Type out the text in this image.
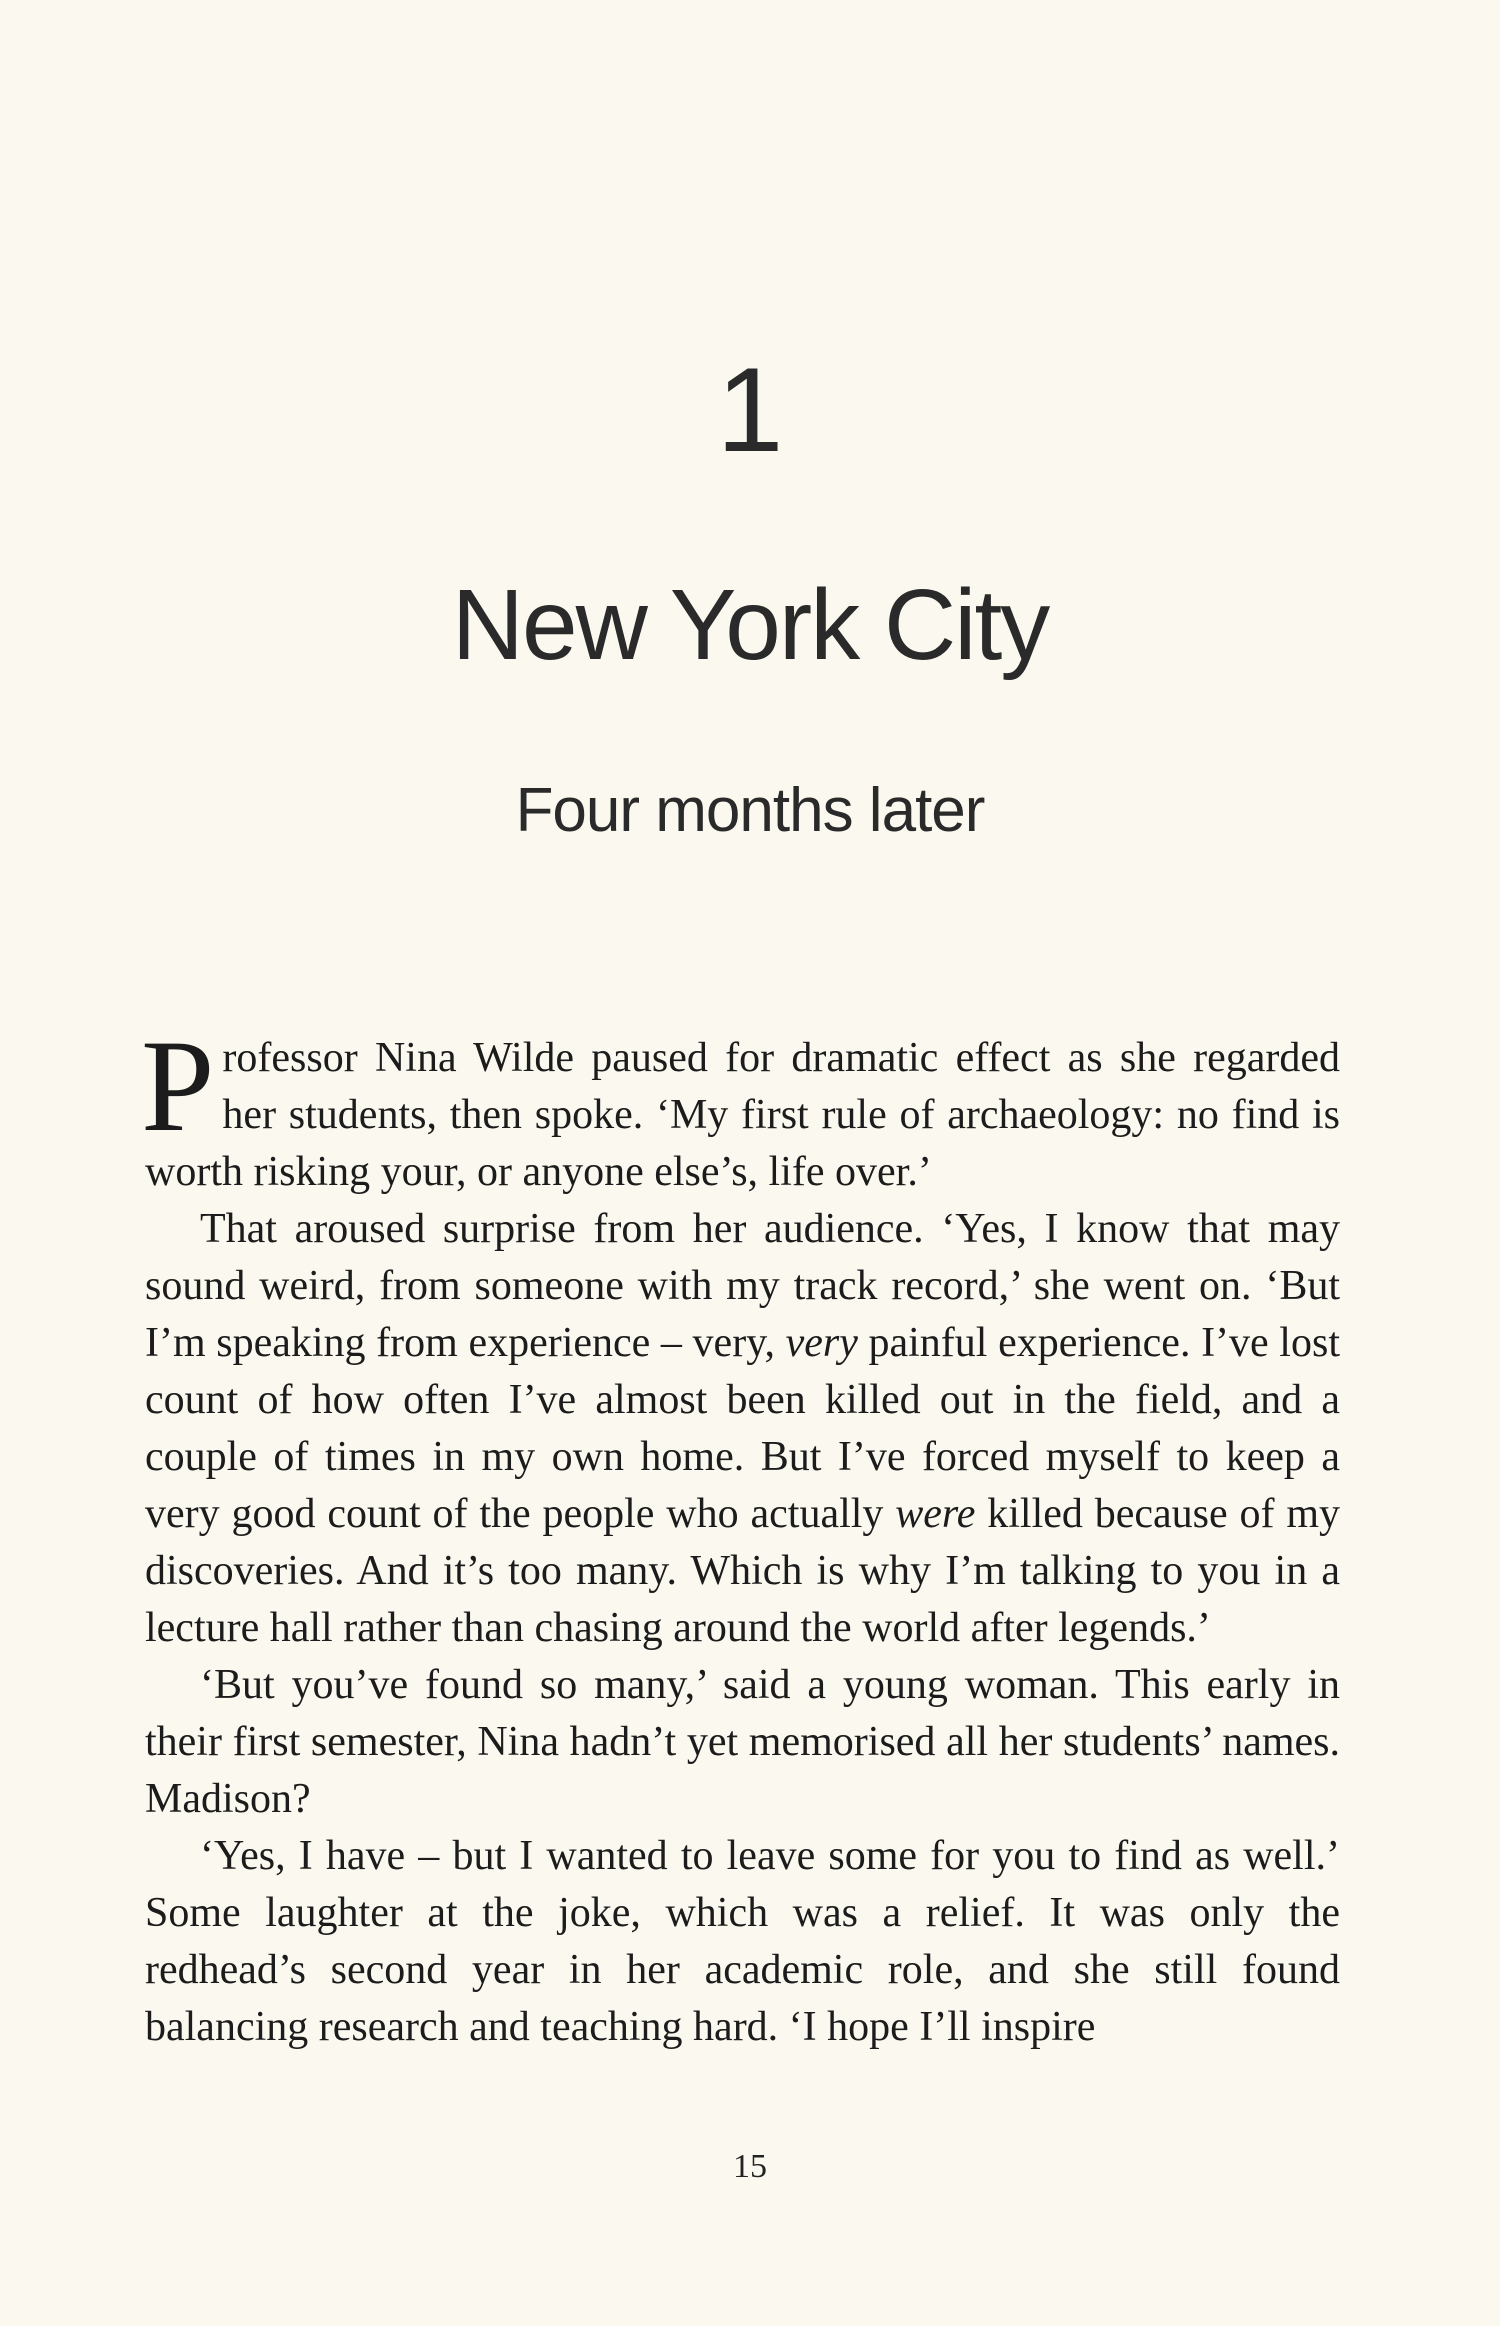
1
New York City
Four months later

Professor Nina Wilde paused for dramatic effect as she regarded her students, then spoke. ‘My first rule of archaeology: no find is worth risking your, or anyone else’s, life over.’

That aroused surprise from her audience. ‘Yes, I know that may sound weird, from someone with my track record,’ she went on. ‘But I’m speaking from experience – very, very painful experience. I’ve lost count of how often I’ve almost been killed out in the field, and a couple of times in my own home. But I’ve forced myself to keep a very good count of the people who actually were killed because of my discoveries. And it’s too many. Which is why I’m talking to you in a lecture hall rather than chasing around the world after legends.’

‘But you’ve found so many,’ said a young woman. This early in their first semester, Nina hadn’t yet memorised all her students’ names. Madison?

‘Yes, I have – but I wanted to leave some for you to find as well.’ Some laughter at the joke, which was a relief. It was only the redhead’s second year in her academic role, and she still found balancing research and teaching hard. ‘I hope I’ll inspire

15
